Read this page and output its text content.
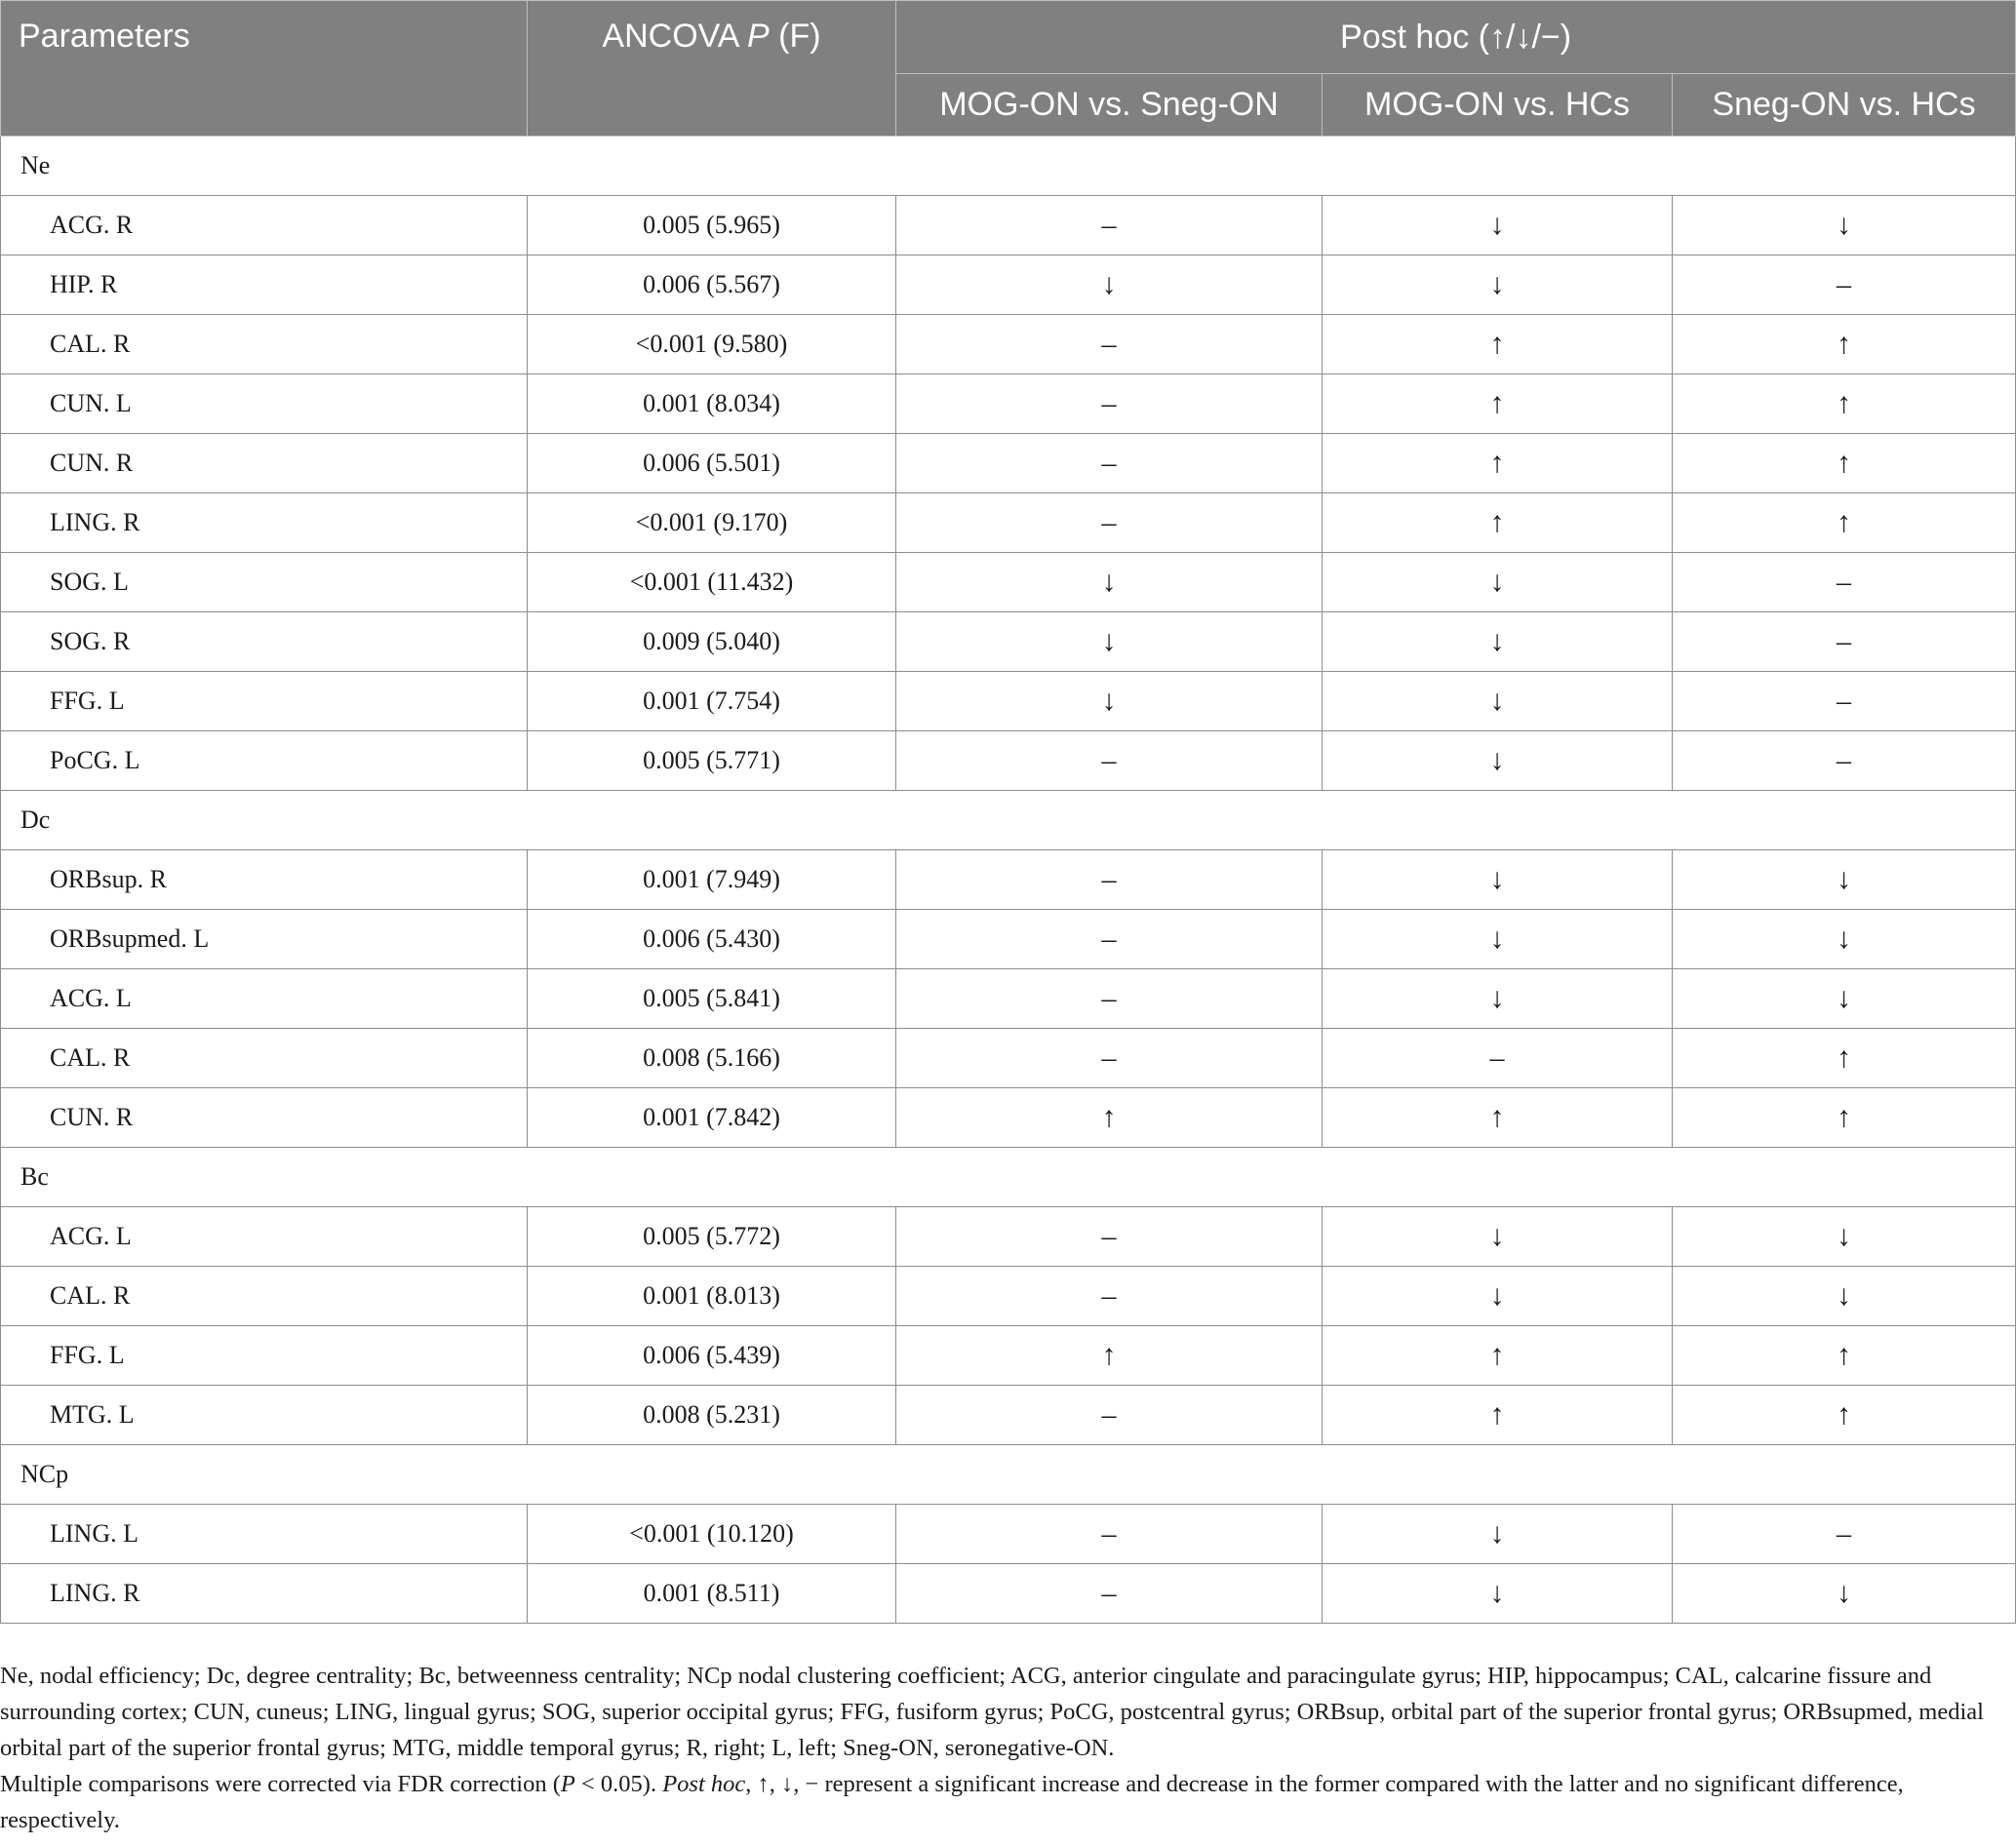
Parameters	ANCOVA P (F)	Post hoc (↑/↓/−)		
		MOG-ON vs. Sneg-ON	MOG-ON vs. HCs	Sneg-ON vs. HCs
Ne				
ACG. R	0.005 (5.965)	–	↓	↓
HIP. R	0.006 (5.567)	↓	↓	–
CAL. R	<0.001 (9.580)	–	↑	↑
CUN. L	0.001 (8.034)	–	↑	↑
CUN. R	0.006 (5.501)	–	↑	↑
LING. R	<0.001 (9.170)	–	↑	↑
SOG. L	<0.001 (11.432)	↓	↓	–
SOG. R	0.009 (5.040)	↓	↓	–
FFG. L	0.001 (7.754)	↓	↓	–
PoCG. L	0.005 (5.771)	–	↓	–
Dc				
ORBsup. R	0.001 (7.949)	–	↓	↓
ORBsupmed. L	0.006 (5.430)	–	↓	↓
ACG. L	0.005 (5.841)	–	↓	↓
CAL. R	0.008 (5.166)	–	–	↑
CUN. R	0.001 (7.842)	↑	↑	↑
Bc				
ACG. L	0.005 (5.772)	–	↓	↓
CAL. R	0.001 (8.013)	–	↓	↓
FFG. L	0.006 (5.439)	↑	↑	↑
MTG. L	0.008 (5.231)	–	↑	↑
NCp				
LING. L	<0.001 (10.120)	–	↓	–
LING. R	0.001 (8.511)	–	↓	↓

Ne, nodal efficiency; Dc, degree centrality; Bc, betweenness centrality; NCp nodal clustering coefficient; ACG, anterior cingulate and paracingulate gyrus; HIP, hippocampus; CAL, calcarine fissure and surrounding cortex; CUN, cuneus; LING, lingual gyrus; SOG, superior occipital gyrus; FFG, fusiform gyrus; PoCG, postcentral gyrus; ORBsup, orbital part of the superior frontal gyrus; ORBsupmed, medial orbital part of the superior frontal gyrus; MTG, middle temporal gyrus; R, right; L, left; Sneg-ON, seronegative-ON.

Multiple comparisons were corrected via FDR correction (P < 0.05). Post hoc, ↑, ↓, − represent a significant increase and decrease in the former compared with the latter and no significant difference, respectively.
